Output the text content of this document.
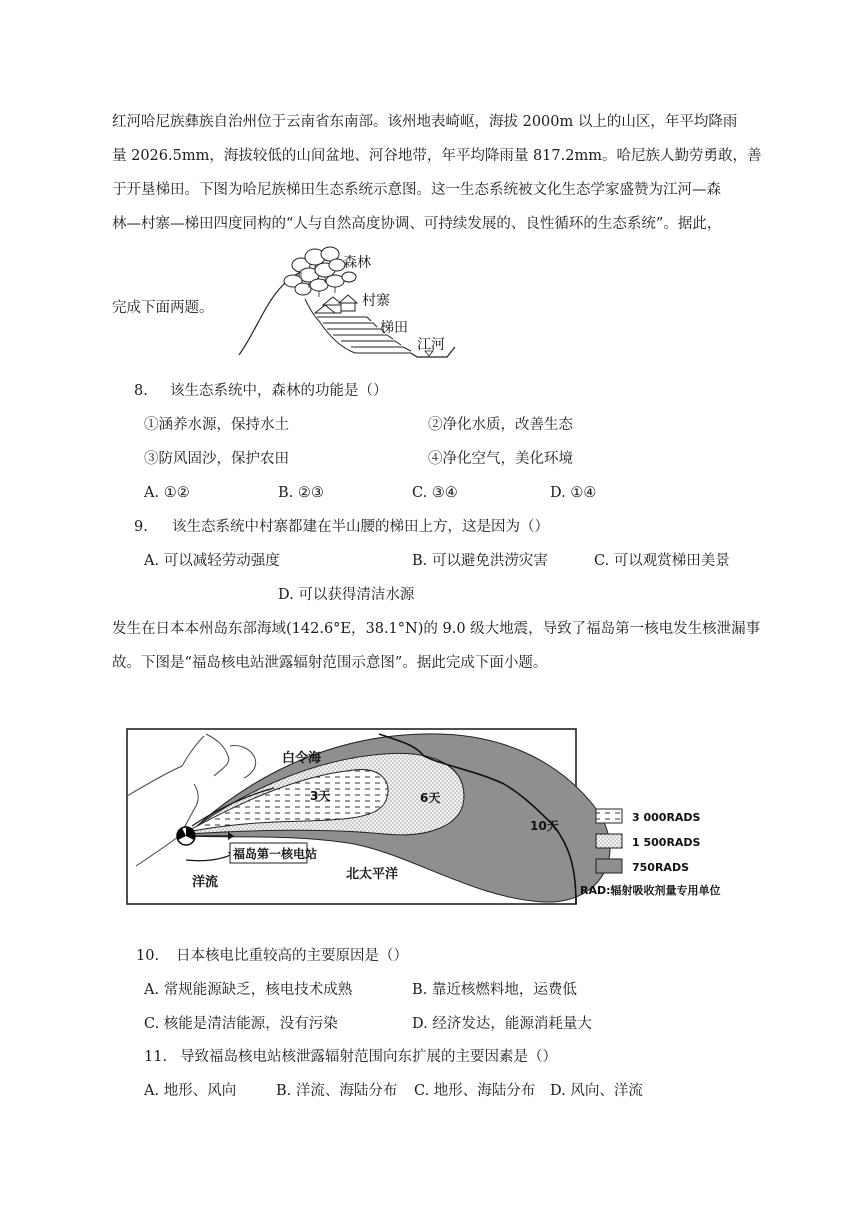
红河哈尼族彝族自治州位于云南省东南部。该州地表崎岖，海拔 2000m 以上的山区，年平均降雨
量 2026.5mm，海拔较低的山间盆地、河谷地带，年平均降雨量 817.2mm。哈尼族人勤劳勇敢，善
于开垦梯田。下图为哈尼族梯田生态系统示意图。这一生态系统被文化生态学家盛赞为江河—森
林—村寨—梯田四度同构的“人与自然高度协调、可持续发展的、良性循环的生态系统”。据此，
完成下面两题。
森林
村寨
梯田
江河
8. 该生态系统中，森林的功能是（）
①涵养水源，保持水土	②净化水质，改善生态
③防风固沙，保护农田	④净化空气，美化环境
A. ①②	B. ②③	C. ③④	D. ①④
9. 该生态系统中村寨都建在半山腰的梯田上方，这是因为（）
A. 可以减轻劳动强度	B. 可以避免洪涝灾害	C. 可以观赏梯田美景
D. 可以获得清洁水源
发生在日本本州岛东部海域(142.6°E，38.1°N)的 9.0 级大地震，导致了福岛第一核电发生核泄漏事
故。下图是“福岛核电站泄露辐射范围示意图”。据此完成下面小题。
福岛第一核电站
白令海
3天	6天
10天
洋流
北太平洋
3 000RADS
1 500RADS
750RADS
RAD:辐射吸收剂量专用单位
10. 日本核电比重较高的主要原因是（）
A. 常规能源缺乏，核电技术成熟	B. 靠近核燃料地，运费低
C. 核能是清洁能源，没有污染	D. 经济发达，能源消耗量大
11. 导致福岛核电站核泄露辐射范围向东扩展的主要因素是（）
A. 地形、风向	B. 洋流、海陆分布 C. 地形、海陆分布 D. 风向、洋流
